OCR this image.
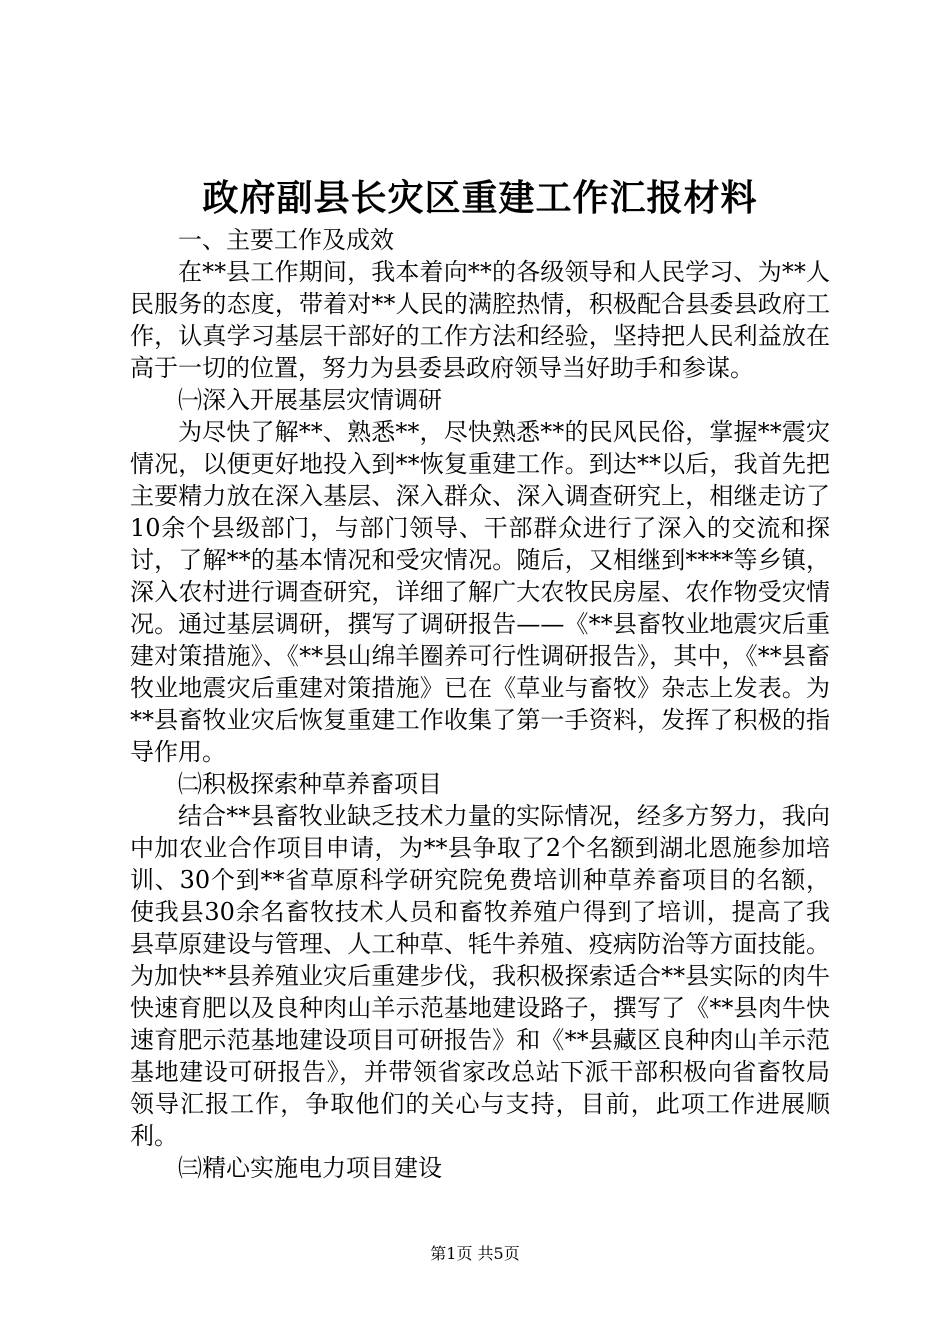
政府副县长灾区重建工作汇报材料

一、主要工作及成效

在**县工作期间，我本着向**的各级领导和人民学习、为**人民服务的态度，带着对**人民的满腔热情，积极配合县委县政府工作，认真学习基层干部好的工作方法和经验，坚持把人民利益放在高于一切的位置，努力为县委县政府领导当好助手和参谋。

㈠深入开展基层灾情调研

为尽快了解**、熟悉**，尽快熟悉**的民风民俗，掌握**震灾情况，以便更好地投入到**恢复重建工作。到达**以后，我首先把主要精力放在深入基层、深入群众、深入调查研究上，相继走访了10余个县级部门，与部门领导、干部群众进行了深入的交流和探讨，了解**的基本情况和受灾情况。随后，又相继到****等乡镇，深入农村进行调查研究，详细了解广大农牧民房屋、农作物受灾情况。通过基层调研，撰写了调研报告——《**县畜牧业地震灾后重建对策措施》、《**县山绵羊圈养可行性调研报告》，其中，《**县畜牧业地震灾后重建对策措施》已在《草业与畜牧》杂志上发表。为**县畜牧业灾后恢复重建工作收集了第一手资料，发挥了积极的指导作用。

㈡积极探索种草养畜项目

结合**县畜牧业缺乏技术力量的实际情况，经多方努力，我向中加农业合作项目申请，为**县争取了2个名额到湖北恩施参加培训、30个到**省草原科学研究院免费培训种草养畜项目的名额，使我县30余名畜牧技术人员和畜牧养殖户得到了培训，提高了我县草原建设与管理、人工种草、牦牛养殖、疫病防治等方面技能。为加快**县养殖业灾后重建步伐，我积极探索适合**县实际的肉牛快速育肥以及良种肉山羊示范基地建设路子，撰写了《**县肉牛快速育肥示范基地建设项目可研报告》和《**县藏区良种肉山羊示范基地建设可研报告》，并带领省家改总站下派干部积极向省畜牧局领导汇报工作，争取他们的关心与支持，目前，此项工作进展顺利。

㈢精心实施电力项目建设

第1页 共5页
